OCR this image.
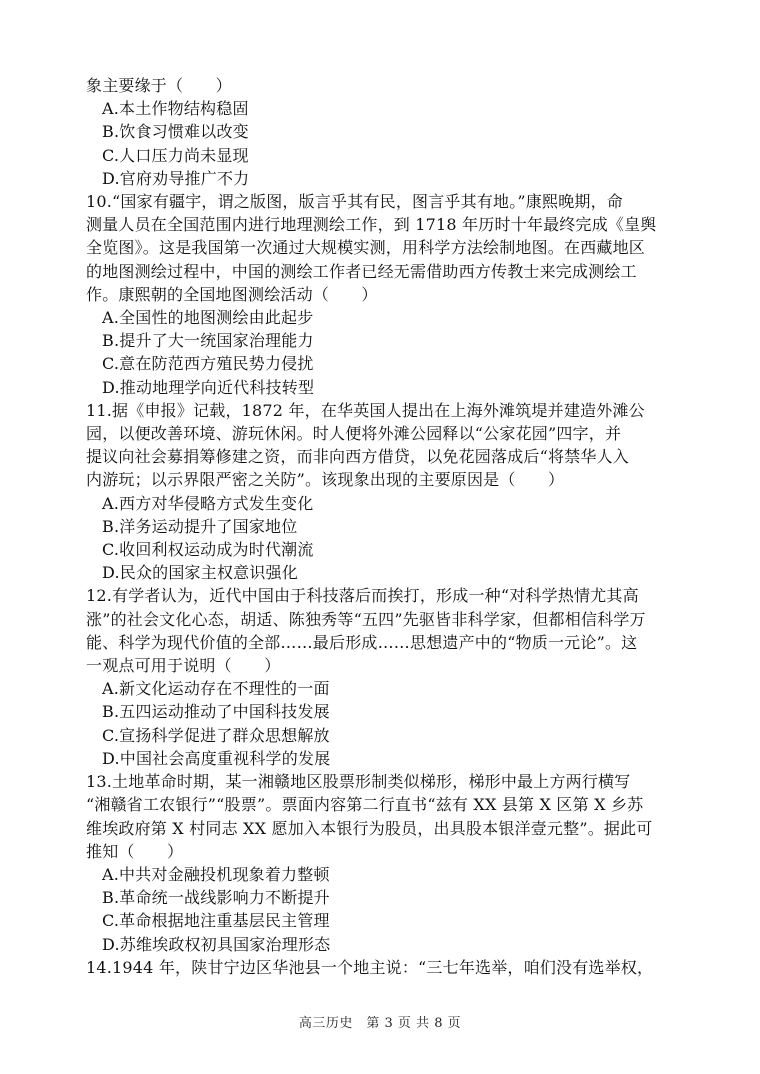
象主要缘于（　　）
A.本土作物结构稳固
B.饮食习惯难以改变
C.人口压力尚未显现
D.官府劝导推广不力
10.“国家有疆宇，谓之版图，版言乎其有民，图言乎其有地。”康熙晚期，命
测量人员在全国范围内进行地理测绘工作，到 1718 年历时十年最终完成《皇舆
全览图》。这是我国第一次通过大规模实测，用科学方法绘制地图。在西藏地区
的地图测绘过程中，中国的测绘工作者已经无需借助西方传教士来完成测绘工
作。康熙朝的全国地图测绘活动（　　）
A.全国性的地图测绘由此起步
B.提升了大一统国家治理能力
C.意在防范西方殖民势力侵扰
D.推动地理学向近代科技转型
11.据《申报》记载，1872 年，在华英国人提出在上海外滩筑堤并建造外滩公
园，以便改善环境、游玩休闲。时人便将外滩公园释以“公家花园”四字，并
提议向社会募捐筹修建之资，而非向西方借贷，以免花园落成后“将禁华人入
内游玩；以示界限严密之关防”。该现象出现的主要原因是（　　）
A.西方对华侵略方式发生变化
B.洋务运动提升了国家地位
C.收回利权运动成为时代潮流
D.民众的国家主权意识强化
12.有学者认为，近代中国由于科技落后而挨打，形成一种“对科学热情尤其高
涨”的社会文化心态，胡适、陈独秀等“五四”先驱皆非科学家，但都相信科学万
能、科学为现代价值的全部……最后形成……思想遗产中的“物质一元论”。这
一观点可用于说明（　　）
A.新文化运动存在不理性的一面
B.五四运动推动了中国科技发展
C.宣扬科学促进了群众思想解放
D.中国社会高度重视科学的发展
13.土地革命时期，某一湘赣地区股票形制类似梯形，梯形中最上方两行横写
“湘赣省工农银行”“股票”。票面内容第二行直书“兹有 XX 县第 X 区第 X 乡苏
维埃政府第 X 村同志 XX 愿加入本银行为股员，出具股本银洋壹元整”。据此可
推知（　　）
A.中共对金融投机现象着力整顿
B.革命统一战线影响力不断提升
C.革命根据地注重基层民主管理
D.苏维埃政权初具国家治理形态
14.1944 年，陕甘宁边区华池县一个地主说：“三七年选举，咱们没有选举权，
高三历史　第 3 页 共 8 页
